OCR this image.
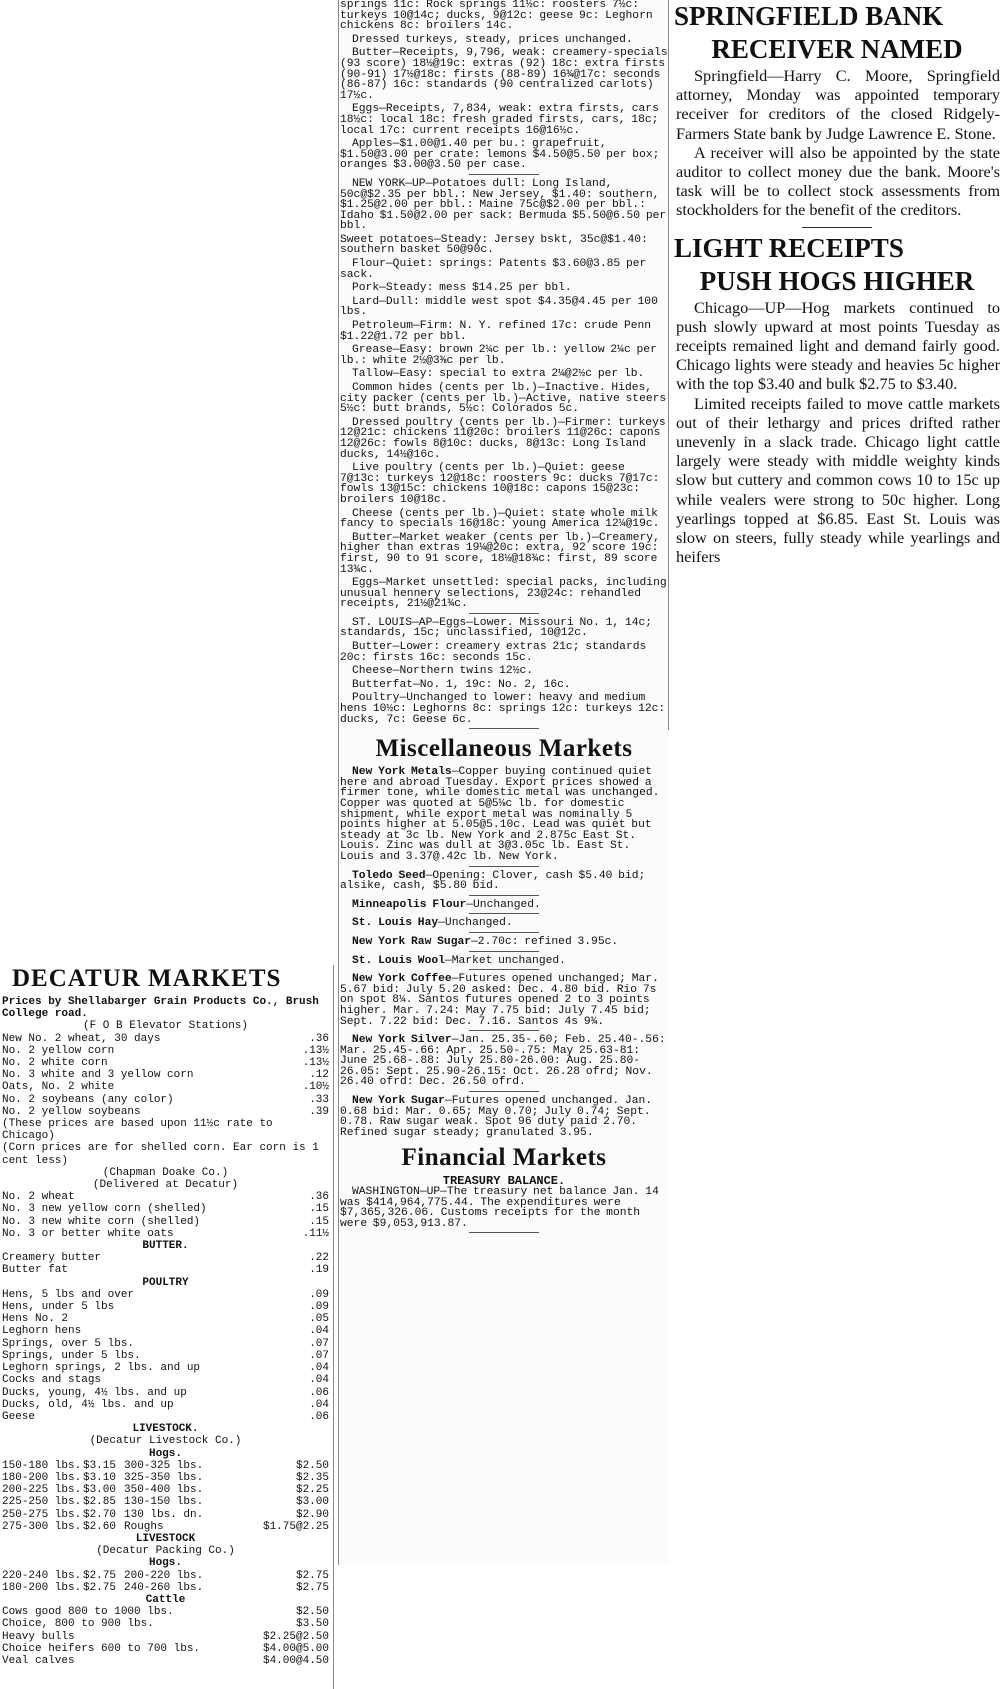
springs 11c: Rock springs 11½c: roosters 7½c: turkeys 10@14c; ducks, 9@12c: geese 9c: Leghorn chickens 8c: broilers 14c.

Dressed turkeys, steady, prices unchanged.

Butter—Receipts, 9,796, weak: creamery-specials (93 score) 18½@19c: extras (92) 18c: extra firsts (90-91) 17½@18c: firsts (88-89) 16¾@17c: seconds (86-87) 16c: standards (90 centralized carlots) 17½c.

Eggs—Receipts, 7,834, weak: extra firsts, cars 18½c: local 18c: fresh graded firsts, cars, 18c; local 17c: current receipts 16@16½c.

Apples—$1.00@1.40 per bu.: grapefruit, $1.50@3.00 per crate: lemons $4.50@5.50 per box; oranges $3.00@3.50 per case.

NEW YORK—UP—Potatoes dull: Long Island, 50c@$2.35 per bbl.: New Jersey, $1.40: southern, $1.25@2.00 per bbl.: Maine 75c@$2.00 per bbl.: Idaho $1.50@2.00 per sack: Bermuda $5.50@6.50 per bbl.

Sweet potatoes—Steady: Jersey bskt, 35c@$1.40: southern basket 50@90c.

Flour—Quiet: springs: Patents $3.60@3.85 per sack.

Pork—Steady: mess $14.25 per bbl.

Lard—Dull: middle west spot $4.35@4.45 per 100 lbs.

Petroleum—Firm: N. Y. refined 17c: crude Penn $1.22@1.72 per bbl.

Grease—Easy: brown 2¼c per lb.: yellow 2¼c per lb.: white 2½@3⅜c per lb.

Tallow—Easy: special to extra 2¼@2½c per lb.

Common hides (cents per lb.)—Inactive. Hides, city packer (cents per lb.)—Active, native steers 5½c: butt brands, 5½c: Colorados 5c.

Dressed poultry (cents per lb.)—Firmer: turkeys 12@21c: chickens 11@20c: broilers 11@26c: capons 12@26c: fowls 8@10c: ducks, 8@13c: Long Island ducks, 14½@16c.

Live poultry (cents per lb.)—Quiet: geese 7@13c: turkeys 12@18c: roosters 9c: ducks 7@17c: fowls 13@15c: chickens 10@18c: capons 15@23c: broilers 10@18c.

Cheese (cents per lb.)—Quiet: state whole milk fancy to specials 16@18c: young America 12¼@19c.

Butter—Market weaker (cents per lb.)—Creamery, higher than extras 19¼@20c: extra, 92 score 19c: first, 90 to 91 score, 18½@18¾c: first, 89 score 13¾c.

Eggs—Market unsettled: special packs, including unusual hennery selections, 23@24c: rehandled receipts, 21½@21¾c.

ST. LOUIS—AP—Eggs—Lower. Missouri No. 1, 14c; standards, 15c; unclassified, 10@12c.

Butter—Lower: creamery extras 21c; standards 20c: firsts 16c: seconds 15c.

Cheese—Northern twins 12½c.

Butterfat—No. 1, 19c: No. 2, 16c.

Poultry—Unchanged to lower: heavy and medium hens 10½c: Leghorns 8c: springs 12c: turkeys 12c: ducks, 7c: Geese 6c.

Miscellaneous Markets

New York Metals—Copper buying continued quiet here and abroad Tuesday. Export prices showed a firmer tone, while domestic metal was unchanged. Copper was quoted at 5@5⅛c lb. for domestic shipment, while export metal was nominally 5 points higher at 5.05@5.10c. Lead was quiet but steady at 3c lb. New York and 2.875c East St. Louis. Zinc was dull at 3@3.05c lb. East St. Louis and 3.37@.42c lb. New York.

Toledo Seed—Opening: Clover, cash $5.40 bid; alsike, cash, $5.80 bid.

Minneapolis Flour—Unchanged.

St. Louis Hay—Unchanged.

New York Raw Sugar—2.70c: refined 3.95c.

St. Louis Wool—Market unchanged.

New York Coffee—Futures opened unchanged; Mar. 5.67 bid: July 5.20 asked: Dec. 4.80 bid. Rio 7s on spot 8¼. Santos futures opened 2 to 3 points higher. Mar. 7.24: May 7.75 bid: July 7.45 bid; Sept. 7.22 bid: Dec. 7.16. Santos 4s 9¾.

New York Silver—Jan. 25.35-.60; Feb. 25.40-.56: Mar. 25.45-.66: Apr. 25.50-.75: May 25.63-81: June 25.68-.88: July 25.80-26.00: Aug. 25.80-26.05: Sept. 25.90-26.15: Oct. 26.28 ofrd; Nov. 26.40 ofrd: Dec. 26.50 ofrd.

New York Sugar—Futures opened unchanged. Jan. 0.68 bid: Mar. 0.65; May 0.70; July 0.74; Sept. 0.78. Raw sugar weak. Spot 96 duty paid 2.70. Refined sugar steady; granulated 3.95.

Financial Markets
TREASURY BALANCE.

WASHINGTON—UP—The treasury net balance Jan. 14 was $414,964,775.44. The expenditures were $7,365,326.06. Customs receipts for the month were $9,053,913.87.

SPRINGFIELD BANK
RECEIVER NAMED

Springfield—Harry C. Moore, Springfield attorney, Monday was appointed temporary receiver for creditors of the closed Ridgely-Farmers State bank by Judge Lawrence E. Stone.

A receiver will also be appointed by the state auditor to collect money due the bank. Moore's task will be to collect stock assessments from stockholders for the benefit of the creditors.

LIGHT RECEIPTS
PUSH HOGS HIGHER

Chicago—UP—Hog markets continued to push slowly upward at most points Tuesday as receipts remained light and demand fairly good. Chicago lights were steady and heavies 5c higher with the top $3.40 and bulk $2.75 to $3.40.

Limited receipts failed to move cattle markets out of their lethargy and prices drifted rather unevenly in a slack trade. Chicago light cattle largely were steady with middle weighty kinds slow but cuttery and common cows 10 to 15c up while vealers were strong to 50c higher. Long yearlings topped at $6.85. East St. Louis was slow on steers, fully steady while yearlings and heifers

DECATUR MARKETS
Prices by Shellabarger Grain Products Co., Brush College road.
(F O B Elevator Stations)
New No. 2 wheat, 30 days	.36
No. 2 yellow corn	.13½
No. 2 white corn	.13½
No. 3 white and 3 yellow corn	.12
Oats, No. 2 white	.10½
No. 2 soybeans (any color)	.33
No. 2 yellow soybeans	.39
(These prices are based upon 11½c rate to Chicago)
(Corn prices are for shelled corn. Ear corn is 1 cent less)
(Chapman Doake Co.)
(Delivered at Decatur)
No. 2 wheat	.36
No. 3 new yellow corn (shelled)	.15
No. 3 new white corn (shelled)	.15
No. 3 or better white oats	.11½
BUTTER.
Creamery butter	.22
Butter fat	.19
POULTRY
Hens, 5 lbs and over	.09
Hens, under 5 lbs	.09
Hens No. 2	.05
Leghorn hens	.04
Springs, over 5 lbs.	.07
Springs, under 5 lbs.	.07
Leghorn springs, 2 lbs. and up	.04
Cocks and stags	.04
Ducks, young, 4½ lbs. and up	.06
Ducks, old, 4½ lbs. and up	.04
Geese	.06
LIVESTOCK.
(Decatur Livestock Co.)
Hogs.
150-180 lbs. $3.15 300-325 lbs.	$2.50
180-200 lbs. $3.10 325-350 lbs.	$2.35
200-225 lbs. $3.00 350-400 lbs.	$2.25
225-250 lbs. $2.85 130-150 lbs.	$3.00
250-275 lbs. $2.70 130 lbs. dn.	$2.90
275-300 lbs. $2.60 Roughs	$1.75@2.25
LIVESTOCK
(Decatur Packing Co.)
Hogs.
220-240 lbs. $2.75 200-220 lbs.	$2.75
180-200 lbs. $2.75 240-260 lbs.	$2.75
Cattle
Cows good 800 to 1000 lbs.	$2.50
Choice, 800 to 900 lbs.	$3.50
Heavy bulls	$2.25@2.50
Choice heifers 600 to 700 lbs.	$4.00@5.00
Veal calves	$4.00@4.50
